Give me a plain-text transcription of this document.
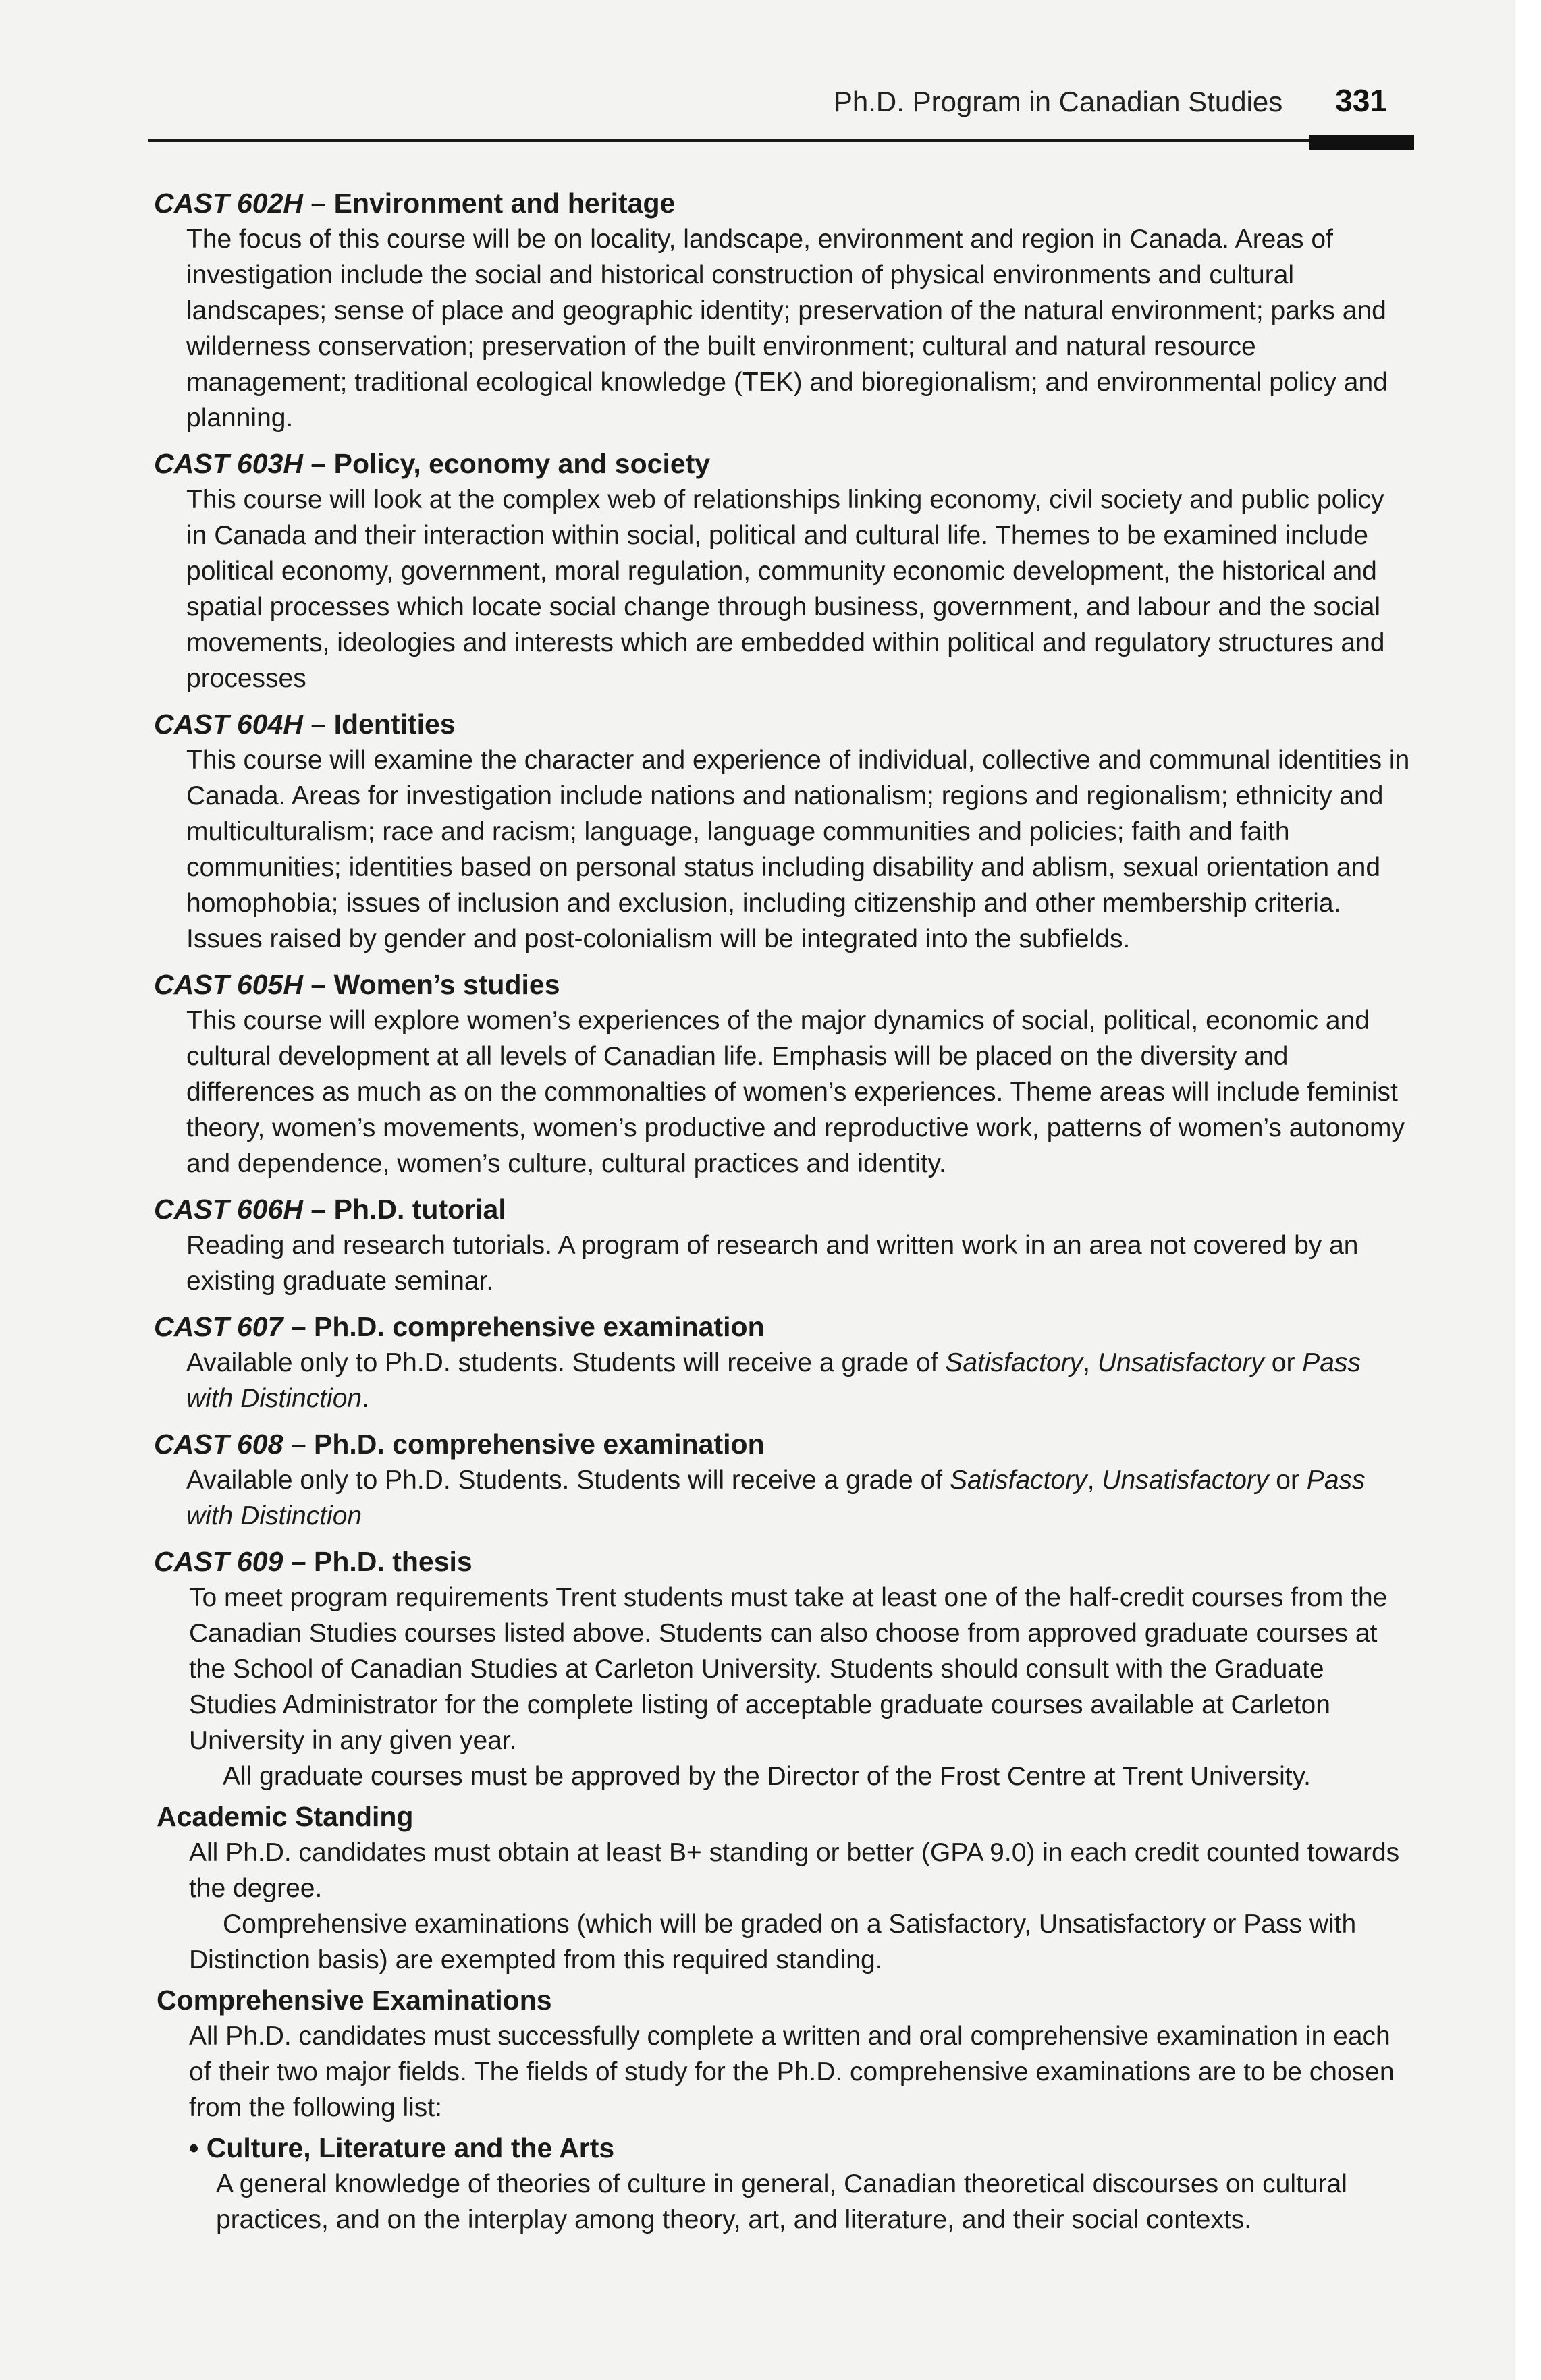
Ph.D. Program in Canadian Studies 331
CAST 602H – Environment and heritage
The focus of this course will be on locality, landscape, environment and region in Canada. Areas of investigation include the social and historical construction of physical environments and cultural landscapes; sense of place and geographic identity; preservation of the natural environment; parks and wilderness conservation; preservation of the built environment; cultural and natural resource management; traditional ecological knowledge (TEK) and bioregionalism; and environmental policy and planning.
CAST 603H – Policy, economy and society
This course will look at the complex web of relationships linking economy, civil society and public policy in Canada and their interaction within social, political and cultural life. Themes to be examined include political economy, government, moral regulation, community economic development, the historical and spatial processes which locate social change through business, government, and labour and the social movements, ideologies and interests which are embedded within political and regulatory structures and processes
CAST 604H – Identities
This course will examine the character and experience of individual, collective and communal identities in Canada. Areas for investigation include nations and nationalism; regions and regionalism; ethnicity and multiculturalism; race and racism; language, language communities and policies; faith and faith communities; identities based on personal status including disability and ablism, sexual orientation and homophobia; issues of inclusion and exclusion, including citizenship and other membership criteria. Issues raised by gender and post-colonialism will be integrated into the subfields.
CAST 605H – Women’s studies
This course will explore women’s experiences of the major dynamics of social, political, economic and cultural development at all levels of Canadian life. Emphasis will be placed on the diversity and differences as much as on the commonalties of women’s experiences. Theme areas will include feminist theory, women’s movements, women’s productive and reproductive work, patterns of women’s autonomy and dependence, women’s culture, cultural practices and identity.
CAST 606H – Ph.D. tutorial
Reading and research tutorials. A program of research and written work in an area not covered by an existing graduate seminar.
CAST 607 – Ph.D. comprehensive examination
Available only to Ph.D. students. Students will receive a grade of Satisfactory, Unsatisfactory or Pass with Distinction.
CAST 608 – Ph.D. comprehensive examination
Available only to Ph.D. Students. Students will receive a grade of Satisfactory, Unsatisfactory or Pass with Distinction
CAST 609 – Ph.D. thesis
To meet program requirements Trent students must take at least one of the half-credit courses from the Canadian Studies courses listed above. Students can also choose from approved graduate courses at the School of Canadian Studies at Carleton University. Students should consult with the Graduate Studies Administrator for the complete listing of acceptable graduate courses available at Carleton University in any given year.
All graduate courses must be approved by the Director of the Frost Centre at Trent University.
Academic Standing
All Ph.D. candidates must obtain at least B+ standing or better (GPA 9.0) in each credit counted towards the degree.
Comprehensive examinations (which will be graded on a Satisfactory, Unsatisfactory or Pass with Distinction basis) are exempted from this required standing.
Comprehensive Examinations
All Ph.D. candidates must successfully complete a written and oral comprehensive examination in each of their two major fields. The fields of study for the Ph.D. comprehensive examinations are to be chosen from the following list:
• Culture, Literature and the Arts
A general knowledge of theories of culture in general, Canadian theoretical discourses on cultural practices, and on the interplay among theory, art, and literature, and their social contexts.
